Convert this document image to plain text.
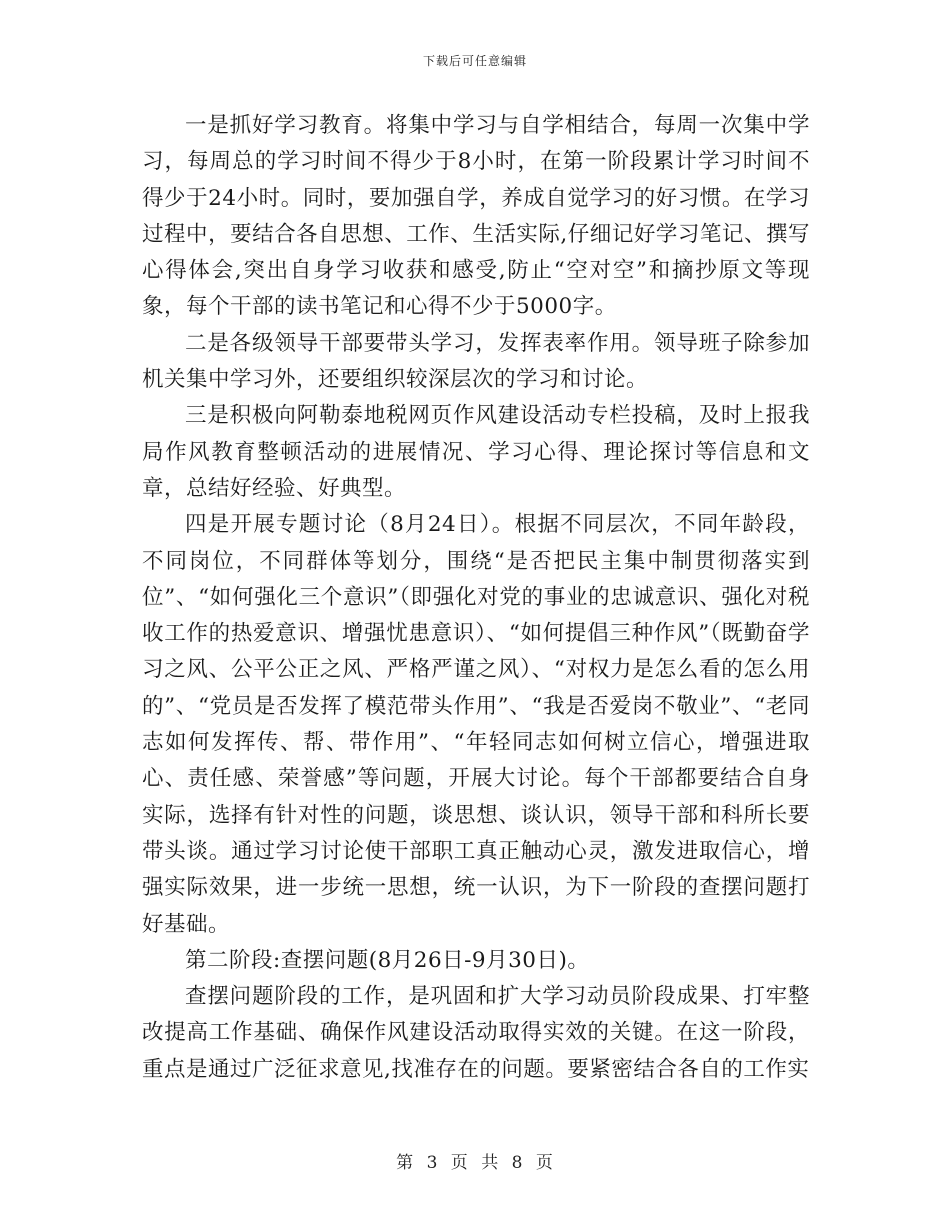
下载后可任意编辑

一是抓好学习教育。将集中学习与自学相结合，每周一次集中学习，每周总的学习时间不得少于8小时，在第一阶段累计学习时间不得少于24小时。同时，要加强自学，养成自觉学习的好习惯。在学习过程中，要结合各自思想、工作、生活实际,仔细记好学习笔记、撰写心得体会,突出自身学习收获和感受,防止“空对空”和摘抄原文等现象，每个干部的读书笔记和心得不少于5000字。

二是各级领导干部要带头学习，发挥表率作用。领导班子除参加机关集中学习外，还要组织较深层次的学习和讨论。

三是积极向阿勒泰地税网页作风建设活动专栏投稿，及时上报我局作风教育整顿活动的进展情况、学习心得、理论探讨等信息和文章，总结好经验、好典型。

四是开展专题讨论（8月24日）。根据不同层次，不同年龄段，不同岗位，不同群体等划分，围绕“是否把民主集中制贯彻落实到位”、“如何强化三个意识”（即强化对党的事业的忠诚意识、强化对税收工作的热爱意识、增强忧患意识）、“如何提倡三种作风”（既勤奋学习之风、公平公正之风、严格严谨之风）、“对权力是怎么看的怎么用的”、“党员是否发挥了模范带头作用”、“我是否爱岗不敬业”、“老同志如何发挥传、帮、带作用”、“年轻同志如何树立信心，增强进取心、责任感、荣誉感”等问题，开展大讨论。每个干部都要结合自身实际，选择有针对性的问题，谈思想、谈认识，领导干部和科所长要带头谈。通过学习讨论使干部职工真正触动心灵，激发进取信心，增强实际效果，进一步统一思想，统一认识，为下一阶段的查摆问题打好基础。

第二阶段:查摆问题(8月26日-9月30日)。

查摆问题阶段的工作，是巩固和扩大学习动员阶段成果、打牢整改提高工作基础、确保作风建设活动取得实效的关键。在这一阶段，重点是通过广泛征求意见,找准存在的问题。要紧密结合各自的工作实

第 3 页 共 8 页
